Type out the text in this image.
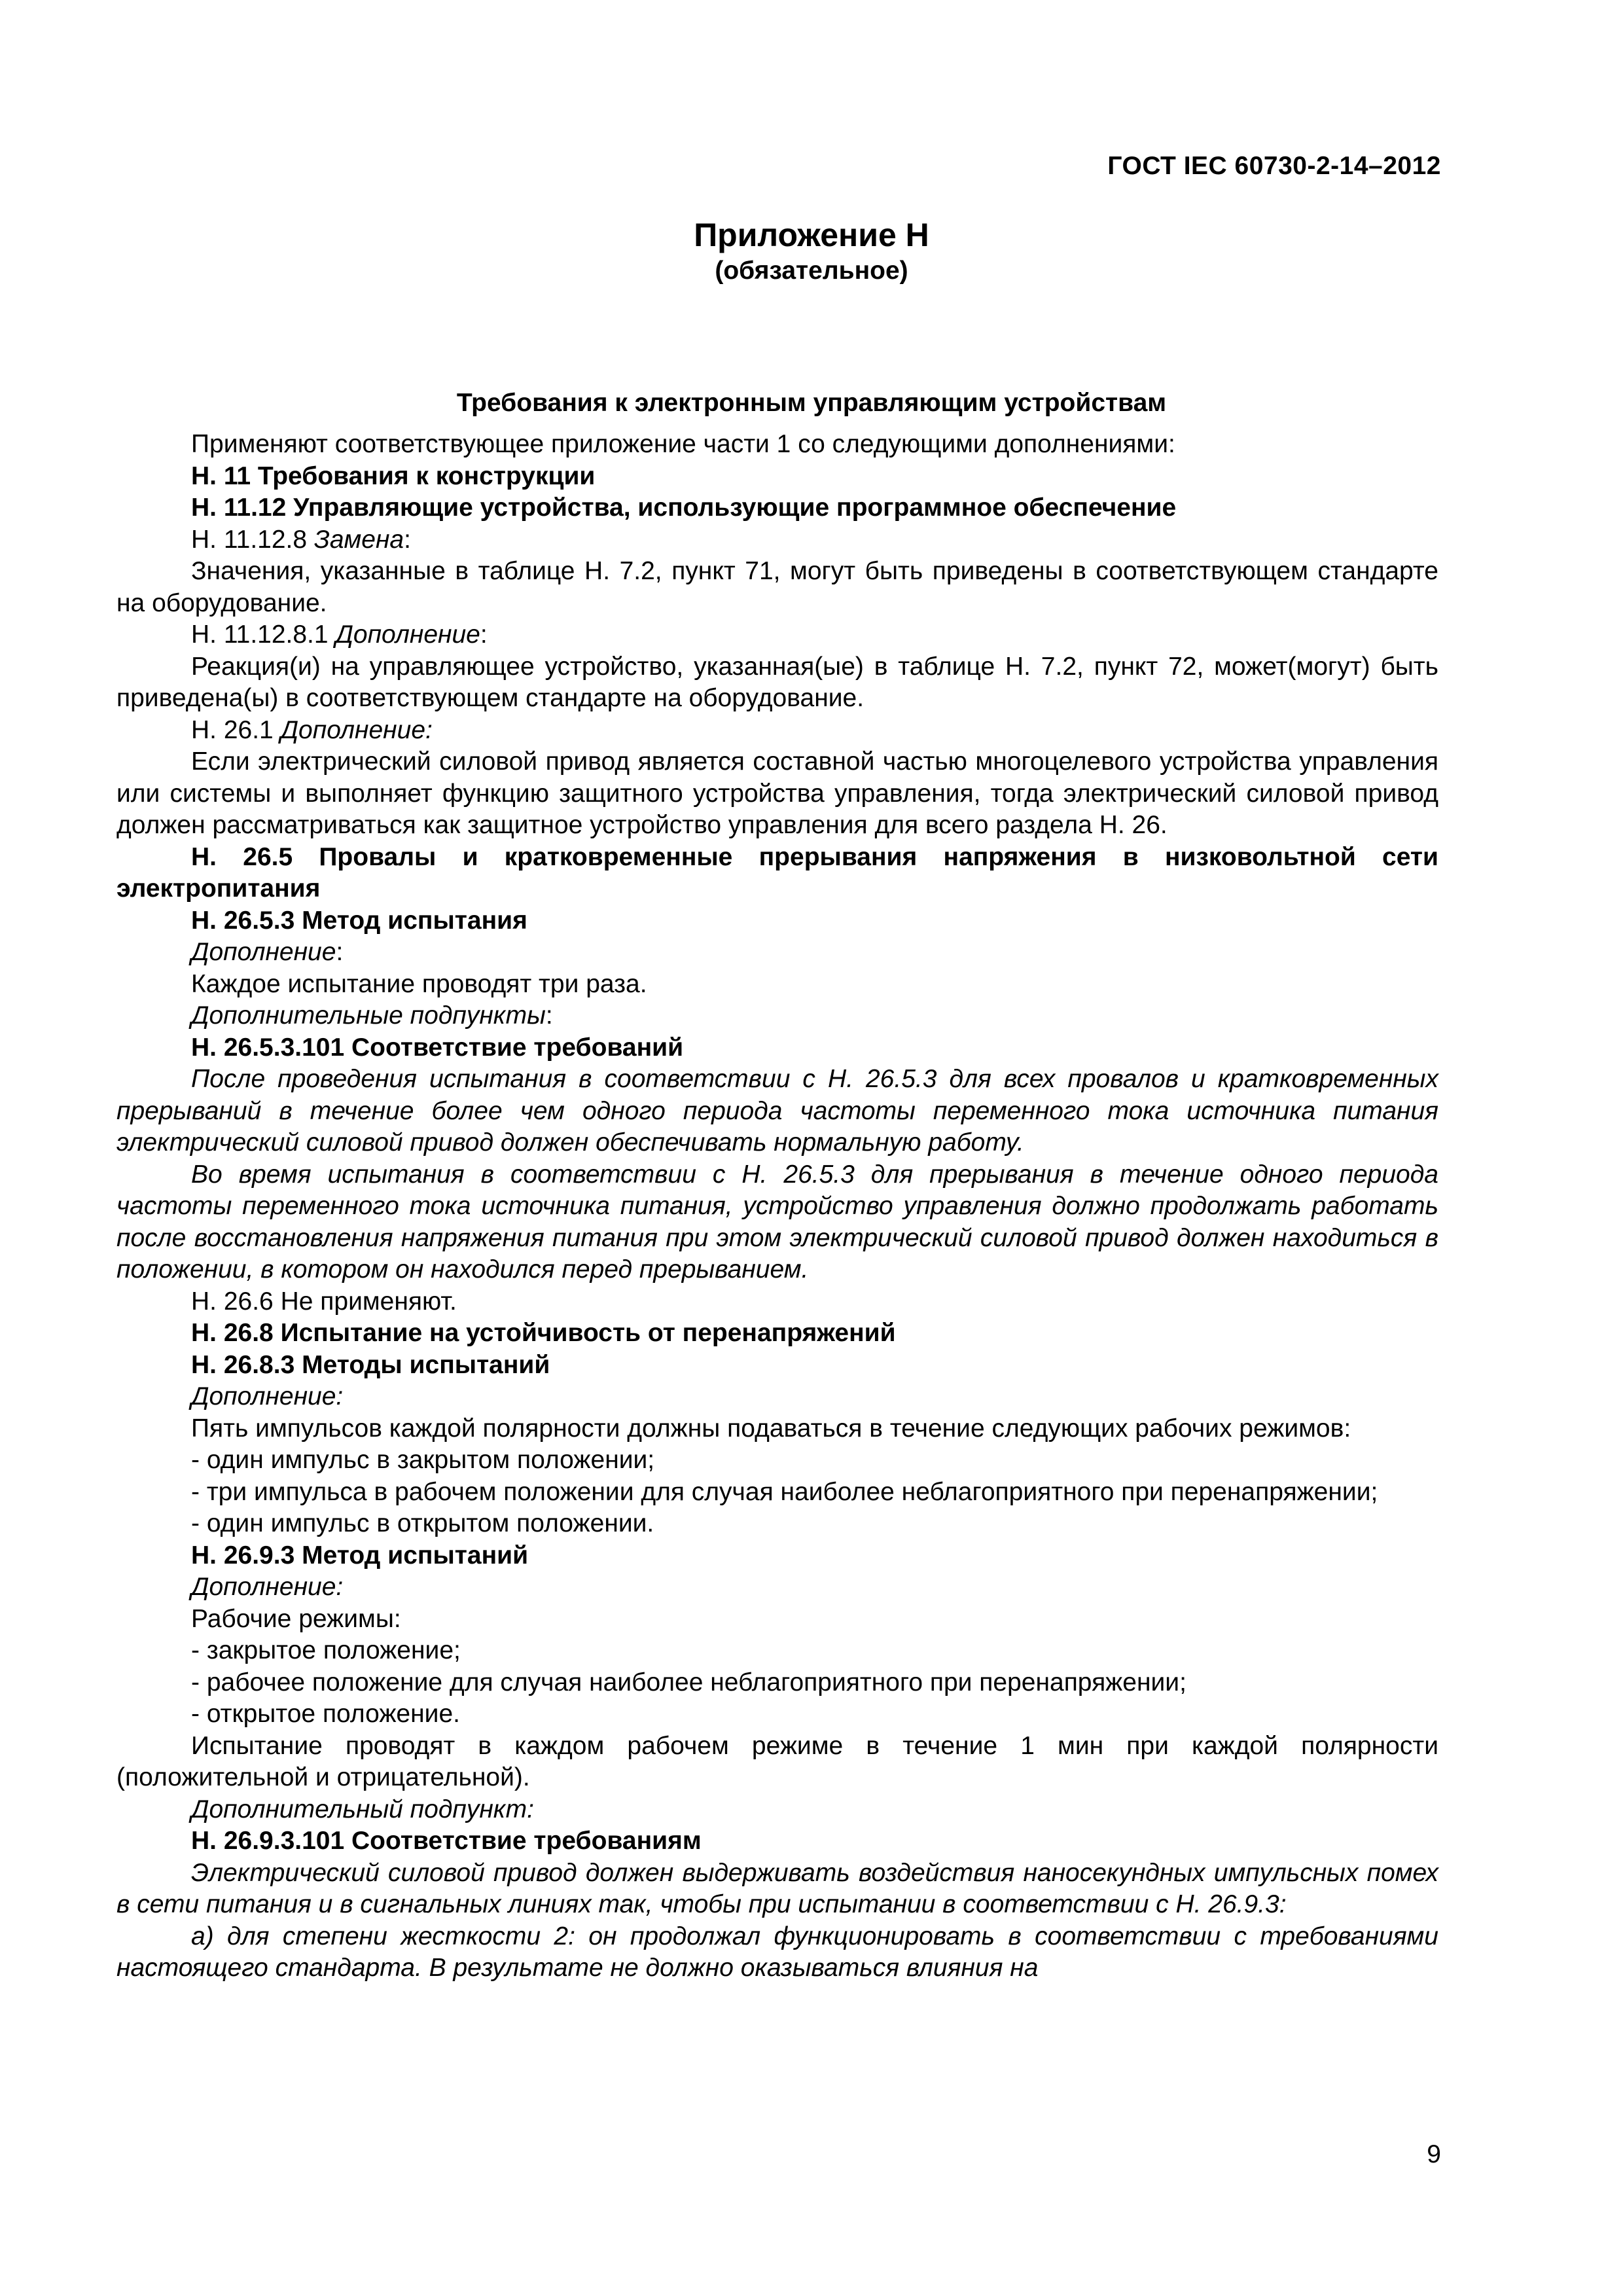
ГОСТ IEC 60730-2-14–2012
Приложение Н
(обязательное)
Требования к электронным управляющим устройствам

Применяют соответствующее приложение части 1 со следующими дополнениями:

Н. 11 Требования к конструкции

Н. 11.12 Управляющие устройства, использующие программное обеспечение

Н. 11.12.8 Замена:

Значения, указанные в таблице Н. 7.2, пункт 71, могут быть приведены в соответствующем стандарте на оборудование.

Н. 11.12.8.1 Дополнение:

Реакция(и) на управляющее устройство, указанная(ые) в таблице Н. 7.2, пункт 72, может(могут) быть приведена(ы) в соответствующем стандарте на оборудование.

Н. 26.1 Дополнение:

Если электрический силовой привод является составной частью многоцелевого устройства управления или системы и выполняет функцию защитного устройства управления, тогда электрический силовой привод должен рассматриваться как защитное устройство управления для всего раздела Н. 26.

Н. 26.5 Провалы и кратковременные прерывания напряжения в низковольтной сети электропитания

Н. 26.5.3 Метод испытания

Дополнение:

Каждое испытание проводят три раза.

Дополнительные подпункты:

Н. 26.5.3.101 Соответствие требований

После проведения испытания в соответствии с Н. 26.5.3 для всех провалов и кратковременных прерываний в течение более чем одного периода частоты переменного тока источника питания электрический силовой привод должен обеспечивать нормальную работу.

Во время испытания в соответствии с Н. 26.5.3 для прерывания в течение одного периода частоты переменного тока источника питания, устройство управления должно продолжать работать после восстановления напряжения питания при этом электрический силовой привод должен находиться в положении, в котором он находился перед прерыванием.

Н. 26.6 Не применяют.

Н. 26.8 Испытание на устойчивость от перенапряжений

Н. 26.8.3 Методы испытаний

Дополнение:

Пять импульсов каждой полярности должны подаваться в течение следующих рабочих режимов:

- один импульс в закрытом положении;

- три импульса в рабочем положении для случая наиболее неблагоприятного при перенапряжении;

- один импульс в открытом положении.

Н. 26.9.3 Метод испытаний

Дополнение:

Рабочие режимы:

- закрытое положение;

- рабочее положение для случая наиболее неблагоприятного при перенапряжении;

- открытое положение.

Испытание проводят в каждом рабочем режиме в течение 1 мин при каждой полярности (положительной и отрицательной).

Дополнительный подпункт:

Н. 26.9.3.101 Соответствие требованиям

Электрический силовой привод должен выдерживать воздействия наносекундных импульсных помех в сети питания и в сигнальных линиях так, чтобы при испытании в соответствии с Н. 26.9.3:

а) для степени жесткости 2: он продолжал функционировать в соответствии с требованиями настоящего стандарта. В результате не должно оказываться влияния на

9
